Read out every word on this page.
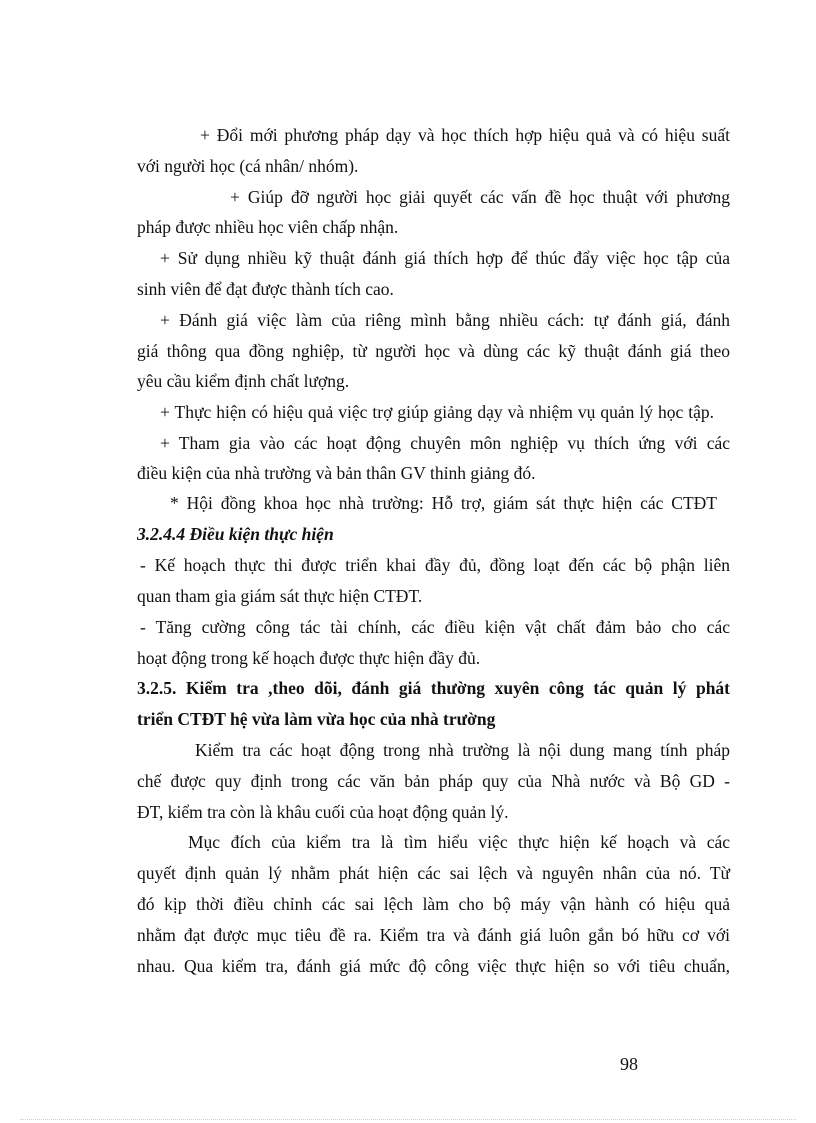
+ Đổi mới phương pháp dạy và học thích hợp hiệu quả và có hiệu suất
với người học (cá nhân/ nhóm).
+ Giúp đỡ người học giải quyết các vấn đề học thuật với phương
pháp được nhiều học viên chấp nhận.
+ Sử dụng nhiều kỹ thuật đánh giá thích hợp để thúc đẩy việc học tập của
sinh viên để đạt được thành tích cao.
+ Đánh giá việc làm của riêng mình bằng nhiều cách: tự đánh giá, đánh
giá thông qua đồng nghiệp, từ người học và dùng các kỹ thuật đánh giá theo
yêu cầu kiểm định chất lượng.
+ Thực hiện có hiệu quả việc trợ giúp giảng dạy và nhiệm vụ quản lý học tập.
+ Tham gia vào các hoạt động chuyên môn nghiệp vụ thích ứng với các
điều kiện của nhà trường và bản thân GV thỉnh giảng đó.
* Hội đồng khoa học nhà trường: Hỗ trợ, giám sát thực hiện các CTĐT
3.2.4.4 Điều kiện thực hiện
- Kế hoạch thực thi được triển khai đầy đủ, đồng loạt đến các bộ phận liên
quan tham gia giám sát thực hiện CTĐT.
- Tăng cường công tác tài chính, các điều kiện vật chất đảm bảo cho các
hoạt động trong kế hoạch được thực hiện đầy đủ.
3.2.5. Kiểm tra ,theo dõi, đánh giá thường xuyên công tác quản lý phát
triển CTĐT hệ vừa làm vừa học của nhà trường
Kiểm tra các hoạt động trong nhà trường là nội dung mang tính pháp
chế được quy định trong các văn bản pháp quy của Nhà nước và Bộ GD -
ĐT, kiểm tra còn là khâu cuối của hoạt động quản lý.
Mục đích của kiểm tra là tìm hiểu việc thực hiện kế hoạch và các
quyết định quản lý nhằm phát hiện các sai lệch và nguyên nhân của nó. Từ
đó kịp thời điều chỉnh các sai lệch làm cho bộ máy vận hành có hiệu quả
nhằm đạt được mục tiêu đề ra. Kiểm tra và đánh giá luôn gắn bó hữu cơ với
nhau. Qua kiểm tra, đánh giá mức độ công việc thực hiện so với tiêu chuẩn,
98
